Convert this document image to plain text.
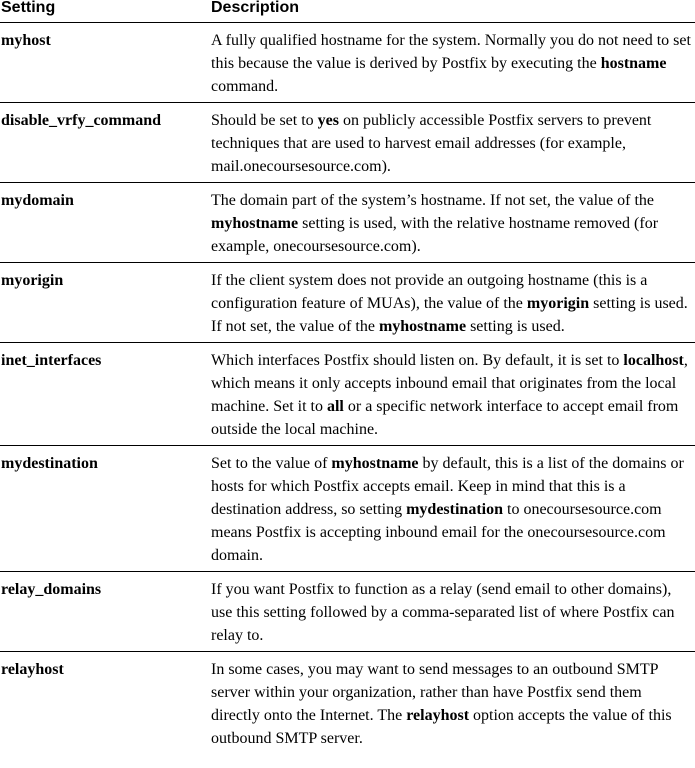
Setting	Description
myhost	A fully qualified hostname for the system. Normally you do not need to set this because the value is derived by Postfix by executing the hostname command.
disable_vrfy_command	Should be set to yes on publicly accessible Postfix servers to prevent techniques that are used to harvest email addresses (for example, mail.onecoursesource.com).
mydomain	The domain part of the system’s hostname. If not set, the value of the myhostname setting is used, with the relative hostname removed (for example, onecoursesource.com).
myorigin	If the client system does not provide an outgoing hostname (this is a configuration feature of MUAs), the value of the myorigin setting is used. If not set, the value of the myhostname setting is used.
inet_interfaces	Which interfaces Postfix should listen on. By default, it is set to localhost, which means it only accepts inbound email that originates from the local machine. Set it to all or a specific network interface to accept email from outside the local machine.
mydestination	Set to the value of myhostname by default, this is a list of the domains or hosts for which Postfix accepts email. Keep in mind that this is a destination address, so setting mydestination to onecoursesource.com means Postfix is accepting inbound email for the onecoursesource.com domain.
relay_domains	If you want Postfix to function as a relay (send email to other domains), use this setting followed by a comma-separated list of where Postfix can relay to.
relayhost	In some cases, you may want to send messages to an outbound SMTP server within your organization, rather than have Postfix send them directly onto the Internet. The relayhost option accepts the value of this outbound SMTP server.
